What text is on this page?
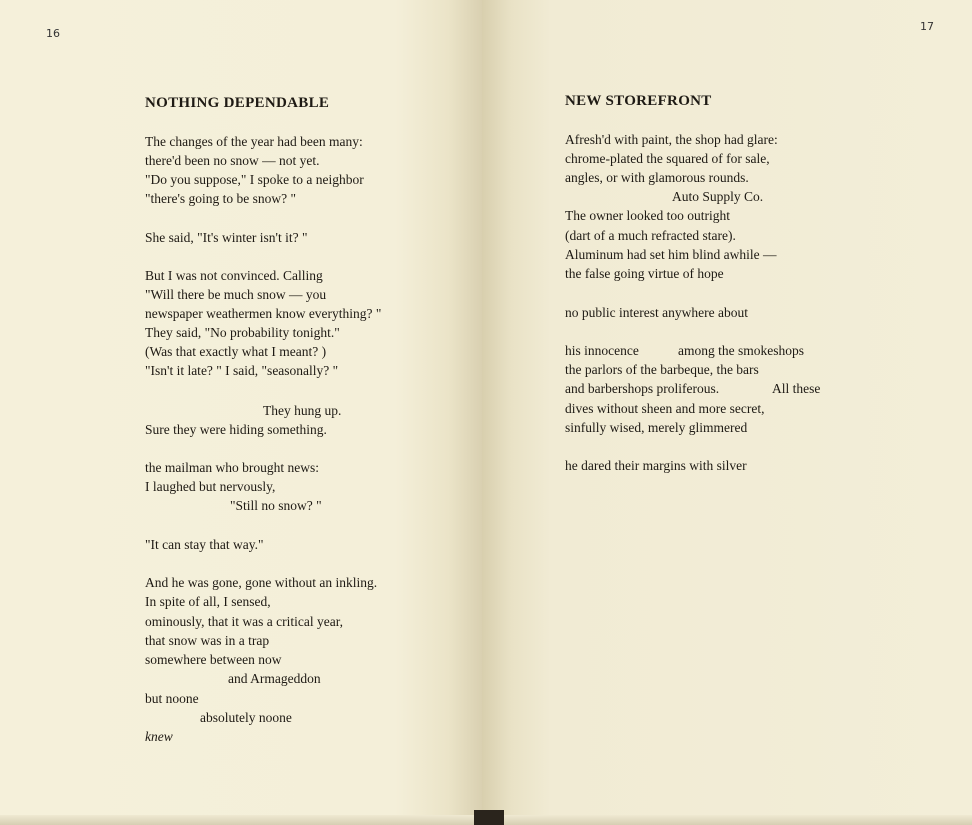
16
NOTHING DEPENDABLE
The changes of the year had been many:
there'd been no snow — not yet.
"Do you suppose," I spoke to a neighbor
"there's going to be snow? "
She said, "It's winter isn't it? "
But I was not convinced. Calling
"Will there be much snow — you
newspaper weathermen know everything? "
They said, "No probability tonight."
(Was that exactly what I meant? )
"Isn't it late? " I said, "seasonally? "
They hung up.
Sure they were hiding something.
the mailman who brought news:
I laughed but nervously,
"Still no snow? "
"It can stay that way."
And he was gone, gone without an inkling.
In spite of all, I sensed,
ominously, that it was a critical year,
that snow was in a trap
somewhere between now
and Armageddon
but noone
absolutely noone
knew
17
NEW STOREFRONT
Afresh'd with paint, the shop had glare:
chrome-plated the squared of for sale,
angles, or with glamorous rounds.
Auto Supply Co.
The owner looked too outright
(dart of a much refracted stare).
Aluminum had set him blind awhile —
the false going virtue of hope
no public interest anywhere about
his innocence	among the smokeshops
the parlors of the barbeque, the bars
and barbershops proliferous.	All these
dives without sheen and more secret,
sinfully wised, merely glimmered
he dared their margins with silver
